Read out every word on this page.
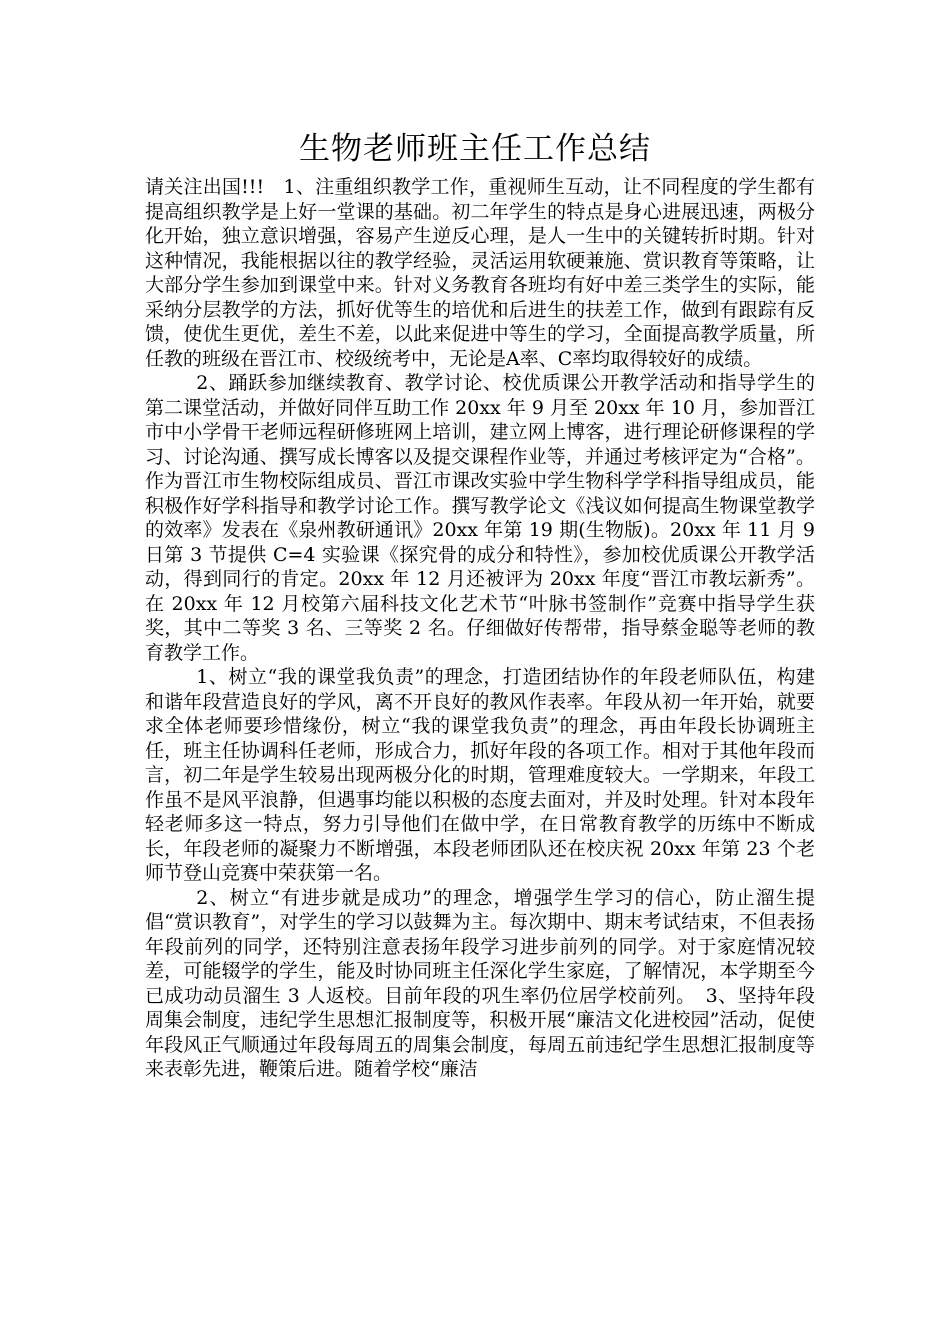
生物老师班主任工作总结

请关注出国!!!　1、注重组织教学工作，重视师生互动，让不同程度的学生都有提高组织教学是上好一堂课的基础。初二年学生的特点是身心进展迅速，两极分化开始，独立意识增强，容易产生逆反心理，是人一生中的关键转折时期。针对这种情况，我能根据以往的教学经验，灵活运用软硬兼施、赏识教育等策略，让大部分学生参加到课堂中来。针对义务教育各班均有好中差三类学生的实际，能采纳分层教学的方法，抓好优等生的培优和后进生的扶差工作，做到有跟踪有反馈，使优生更优，差生不差，以此来促进中等生的学习，全面提高教学质量，所任教的班级在晋江市、校级统考中，无论是A率、C率均取得较好的成绩。

2、踊跃参加继续教育、教学讨论、校优质课公开教学活动和指导学生的第二课堂活动，并做好同伴互助工作 20xx 年 9 月至 20xx 年 10 月，参加晋江市中小学骨干老师远程研修班网上培训，建立网上博客，进行理论研修课程的学习、讨论沟通、撰写成长博客以及提交课程作业等，并通过考核评定为“合格”。作为晋江市生物校际组成员、晋江市课改实验中学生物科学学科指导组成员，能积极作好学科指导和教学讨论工作。撰写教学论文《浅议如何提高生物课堂教学的效率》发表在《泉州教研通讯》20xx 年第 19 期(生物版)。20xx 年 11 月 9 日第 3 节提供 C=4 实验课《探究骨的成分和特性》，参加校优质课公开教学活动，得到同行的肯定。20xx 年 12 月还被评为 20xx 年度“晋江市教坛新秀”。在 20xx 年 12 月校第六届科技文化艺术节“叶脉书签制作”竞赛中指导学生获奖，其中二等奖 3 名、三等奖 2 名。仔细做好传帮带，指导蔡金聪等老师的教育教学工作。

1、树立“我的课堂我负责”的理念，打造团结协作的年段老师队伍，构建和谐年段营造良好的学风，离不开良好的教风作表率。年段从初一年开始，就要求全体老师要珍惜缘份，树立“我的课堂我负责”的理念，再由年段长协调班主任，班主任协调科任老师，形成合力，抓好年段的各项工作。相对于其他年段而言，初二年是学生较易出现两极分化的时期，管理难度较大。一学期来，年段工作虽不是风平浪静，但遇事均能以积极的态度去面对，并及时处理。针对本段年轻老师多这一特点，努力引导他们在做中学，在日常教育教学的历练中不断成长，年段老师的凝聚力不断增强，本段老师团队还在校庆祝 20xx 年第 23 个老师节登山竞赛中荣获第一名。

2、树立“有进步就是成功”的理念，增强学生学习的信心，防止溜生提倡“赏识教育”，对学生的学习以鼓舞为主。每次期中、期末考试结束，不但表扬年段前列的同学，还特别注意表扬年段学习进步前列的同学。对于家庭情况较差，可能辍学的学生，能及时协同班主任深化学生家庭，了解情况，本学期至今已成功动员溜生 3 人返校。目前年段的巩生率仍位居学校前列。　3、坚持年段周集会制度，违纪学生思想汇报制度等，积极开展“廉洁文化进校园”活动，促使年段风正气顺通过年段每周五的周集会制度，每周五前违纪学生思想汇报制度等来表彰先进，鞭策后进。随着学校“廉洁
